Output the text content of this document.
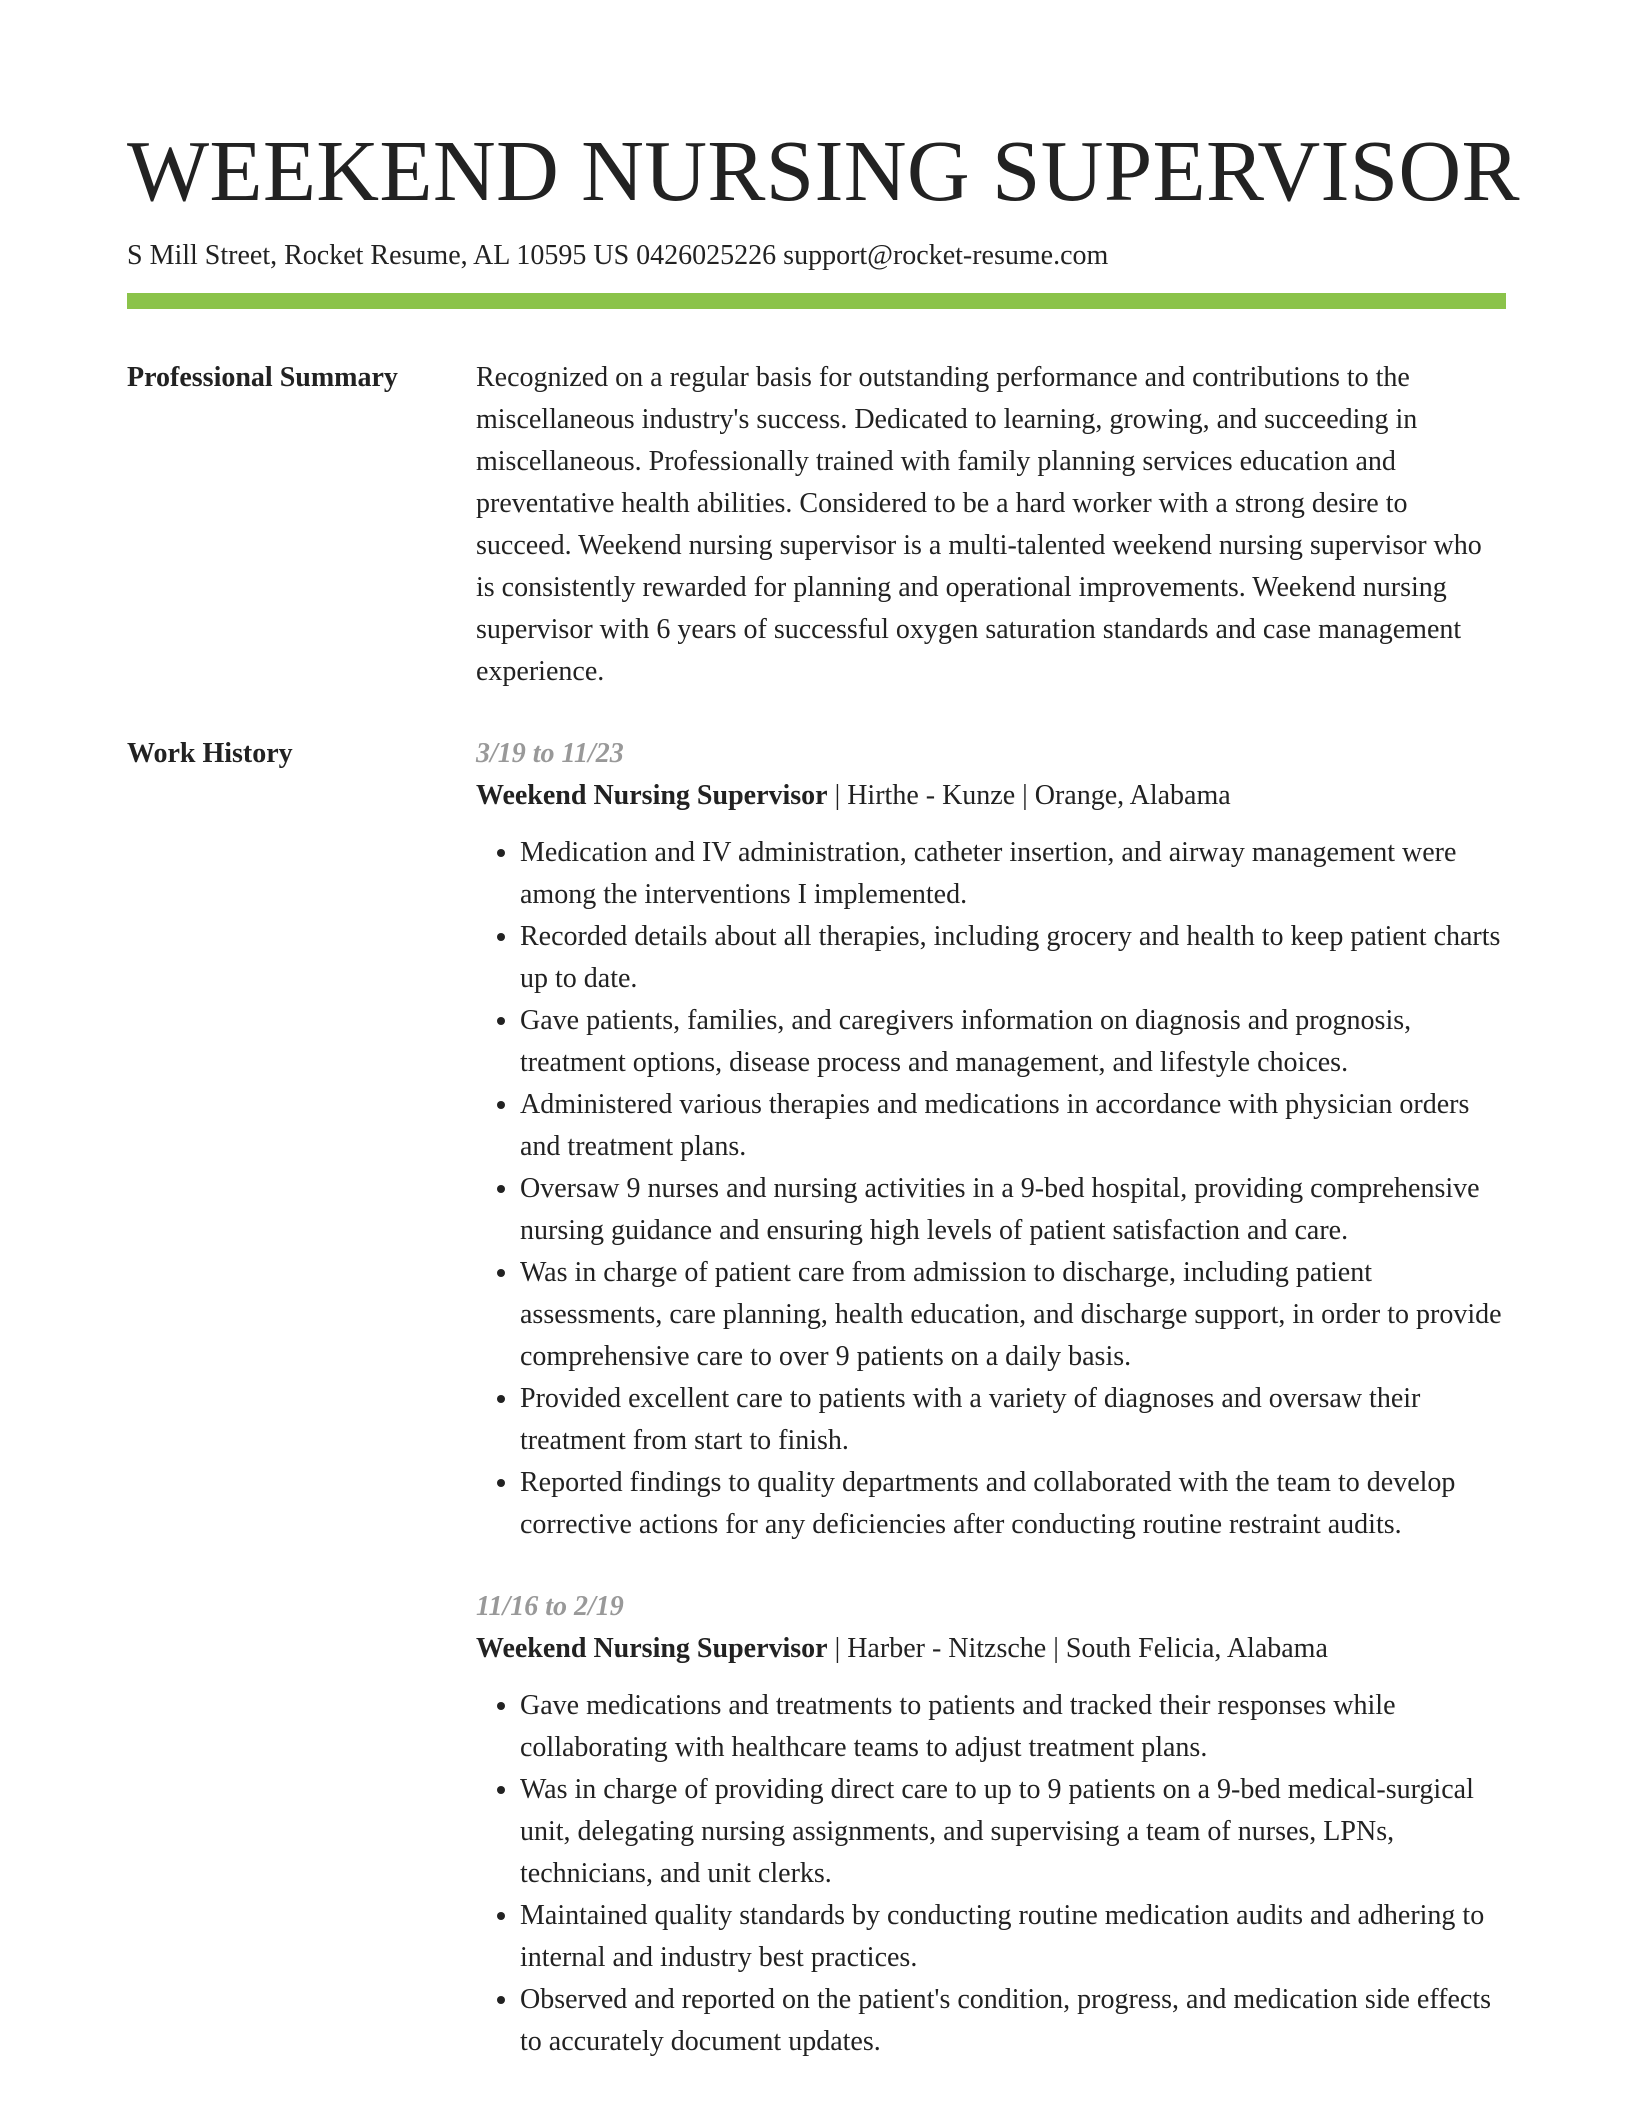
WEEKEND NURSING SUPERVISOR
S Mill Street, Rocket Resume, AL 10595 US 0426025226 support@rocket-resume.com
Professional Summary	Recognized on a regular basis for outstanding performance and contributions to the miscellaneous industry's success. Dedicated to learning, growing, and succeeding in miscellaneous. Professionally trained with family planning services education and preventative health abilities. Considered to be a hard worker with a strong desire to succeed. Weekend nursing supervisor is a multi-talented weekend nursing supervisor who is consistently rewarded for planning and operational improvements. Weekend nursing supervisor with 6 years of successful oxygen saturation standards and case management experience.

Work History	3/19 to 11/23
Weekend Nursing Supervisor | Hirthe - Kunze | Orange, Alabama
• Medication and IV administration, catheter insertion, and airway management were among the interventions I implemented.
• Recorded details about all therapies, including grocery and health to keep patient charts up to date.
• Gave patients, families, and caregivers information on diagnosis and prognosis, treatment options, disease process and management, and lifestyle choices.
• Administered various therapies and medications in accordance with physician orders and treatment plans.
• Oversaw 9 nurses and nursing activities in a 9-bed hospital, providing comprehensive nursing guidance and ensuring high levels of patient satisfaction and care.
• Was in charge of patient care from admission to discharge, including patient assessments, care planning, health education, and discharge support, in order to provide comprehensive care to over 9 patients on a daily basis.
• Provided excellent care to patients with a variety of diagnoses and oversaw their treatment from start to finish.
• Reported findings to quality departments and collaborated with the team to develop corrective actions for any deficiencies after conducting routine restraint audits.
11/16 to 2/19
Weekend Nursing Supervisor | Harber - Nitzsche | South Felicia, Alabama
• Gave medications and treatments to patients and tracked their responses while collaborating with healthcare teams to adjust treatment plans.
• Was in charge of providing direct care to up to 9 patients on a 9-bed medical-surgical unit, delegating nursing assignments, and supervising a team of nurses, LPNs, technicians, and unit clerks.
• Maintained quality standards by conducting routine medication audits and adhering to internal and industry best practices.
• Observed and reported on the patient's condition, progress, and medication side effects to accurately document updates.
